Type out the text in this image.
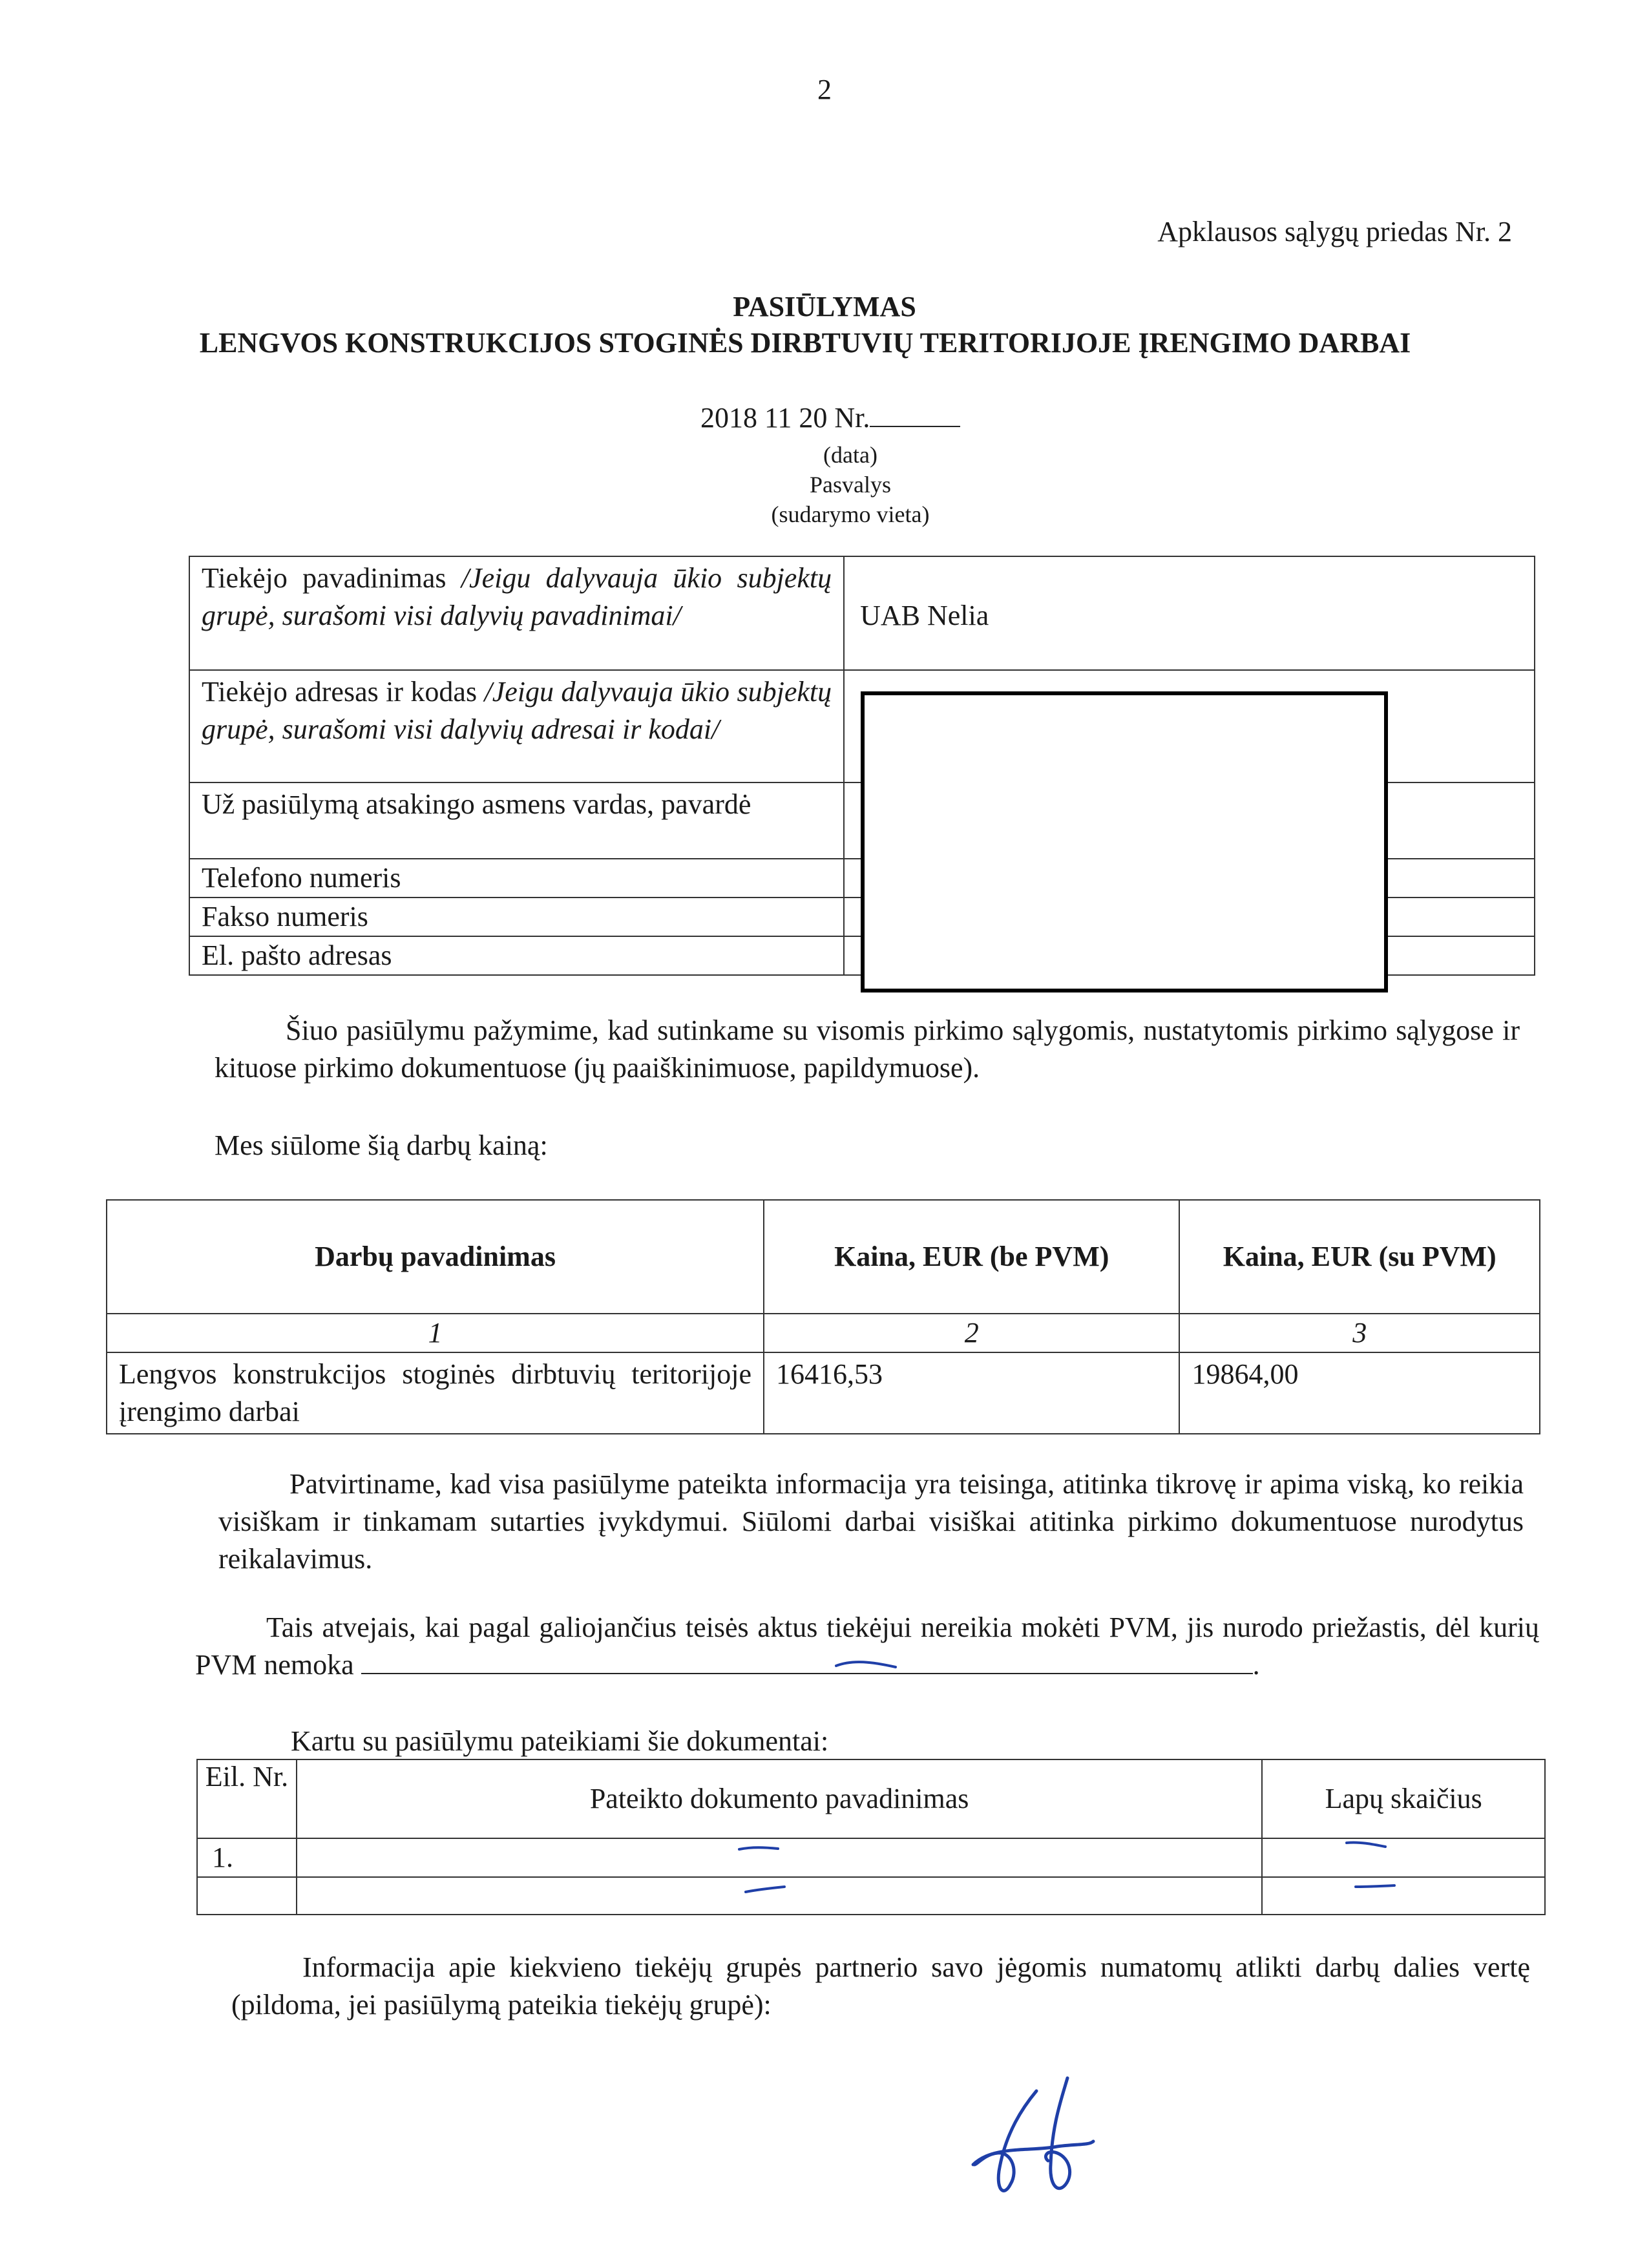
2
Apklausos sąlygų priedas Nr. 2
PASIŪLYMAS
LENGVOS KONSTRUKCIJOS STOGINĖS DIRBTUVIŲ TERITORIJOJE ĮRENGIMO DARBAI
2018 11 20 Nr.
(data)
Pasvalys
(sudarymo vieta)
Tiekėjo pavadinimas /Jeigu dalyvauja ūkio subjektų grupė, surašomi visi dalyvių pavadinimai/	UAB Nelia
Tiekėjo adresas ir kodas /Jeigu dalyvauja ūkio subjektų grupė, surašomi visi dalyvių adresai ir kodai/	
Už pasiūlymą atsakingo asmens vardas, pavardė	
Telefono numeris	
Fakso numeris	
El. pašto adresas	
Šiuo pasiūlymu pažymime, kad sutinkame su visomis pirkimo sąlygomis, nustatytomis pirkimo sąlygose ir kituose pirkimo dokumentuose (jų paaiškinimuose, papildymuose).
Mes siūlome šią darbų kainą:
Darbų pavadinimas	Kaina, EUR (be PVM)	Kaina, EUR (su PVM)
1	2	3
Lengvos konstrukcijos stoginės dirbtuvių teritorijoje įrengimo darbai	16416,53	19864,00
Patvirtiname, kad visa pasiūlyme pateikta informacija yra teisinga, atitinka tikrovę ir apima viską, ko reikia visiškam ir tinkamam sutarties įvykdymui. Siūlomi darbai visiškai atitinka pirkimo dokumentuose nurodytus reikalavimus.
Tais atvejais, kai pagal galiojančius teisės aktus tiekėjui nereikia mokėti PVM, jis nurodo priežastis, dėl kurių PVM nemoka	.
Kartu su pasiūlymu pateikiami šie dokumentai:
Eil. Nr.	Pateikto dokumento pavadinimas	Lapų skaičius
1.		

Informacija apie kiekvieno tiekėjų grupės partnerio savo jėgomis numatomų atlikti darbų dalies vertę (pildoma, jei pasiūlymą pateikia tiekėjų grupė):
